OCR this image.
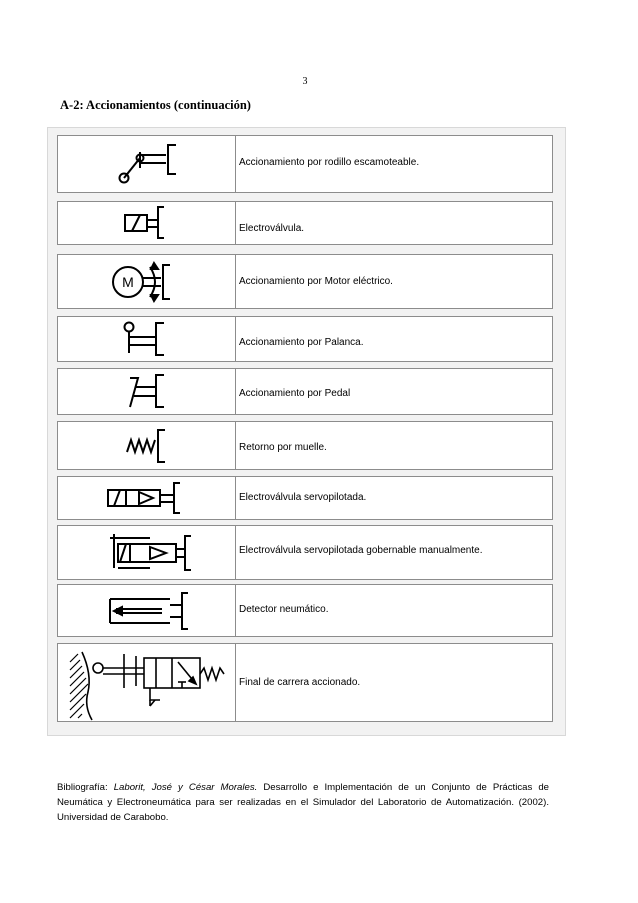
3
A-2: Accionamientos (continuación)
Accionamiento por rodillo escamoteable.
Electroválvula.
M	Accionamiento por Motor eléctrico.
Accionamiento por Palanca.
Accionamiento por Pedal
Retorno por muelle.
Electroválvula servopilotada.
Electroválvula servopilotada gobernable manualmente.
Detector neumático.
Final de carrera accionado.
Bibliografía: Laborit, José y César Morales. Desarrollo e Implementación de un Conjunto de Prácticas de Neumática y Electroneumática para ser realizadas en el Simulador del Laboratorio de Automatización. (2002). Universidad de Carabobo.
